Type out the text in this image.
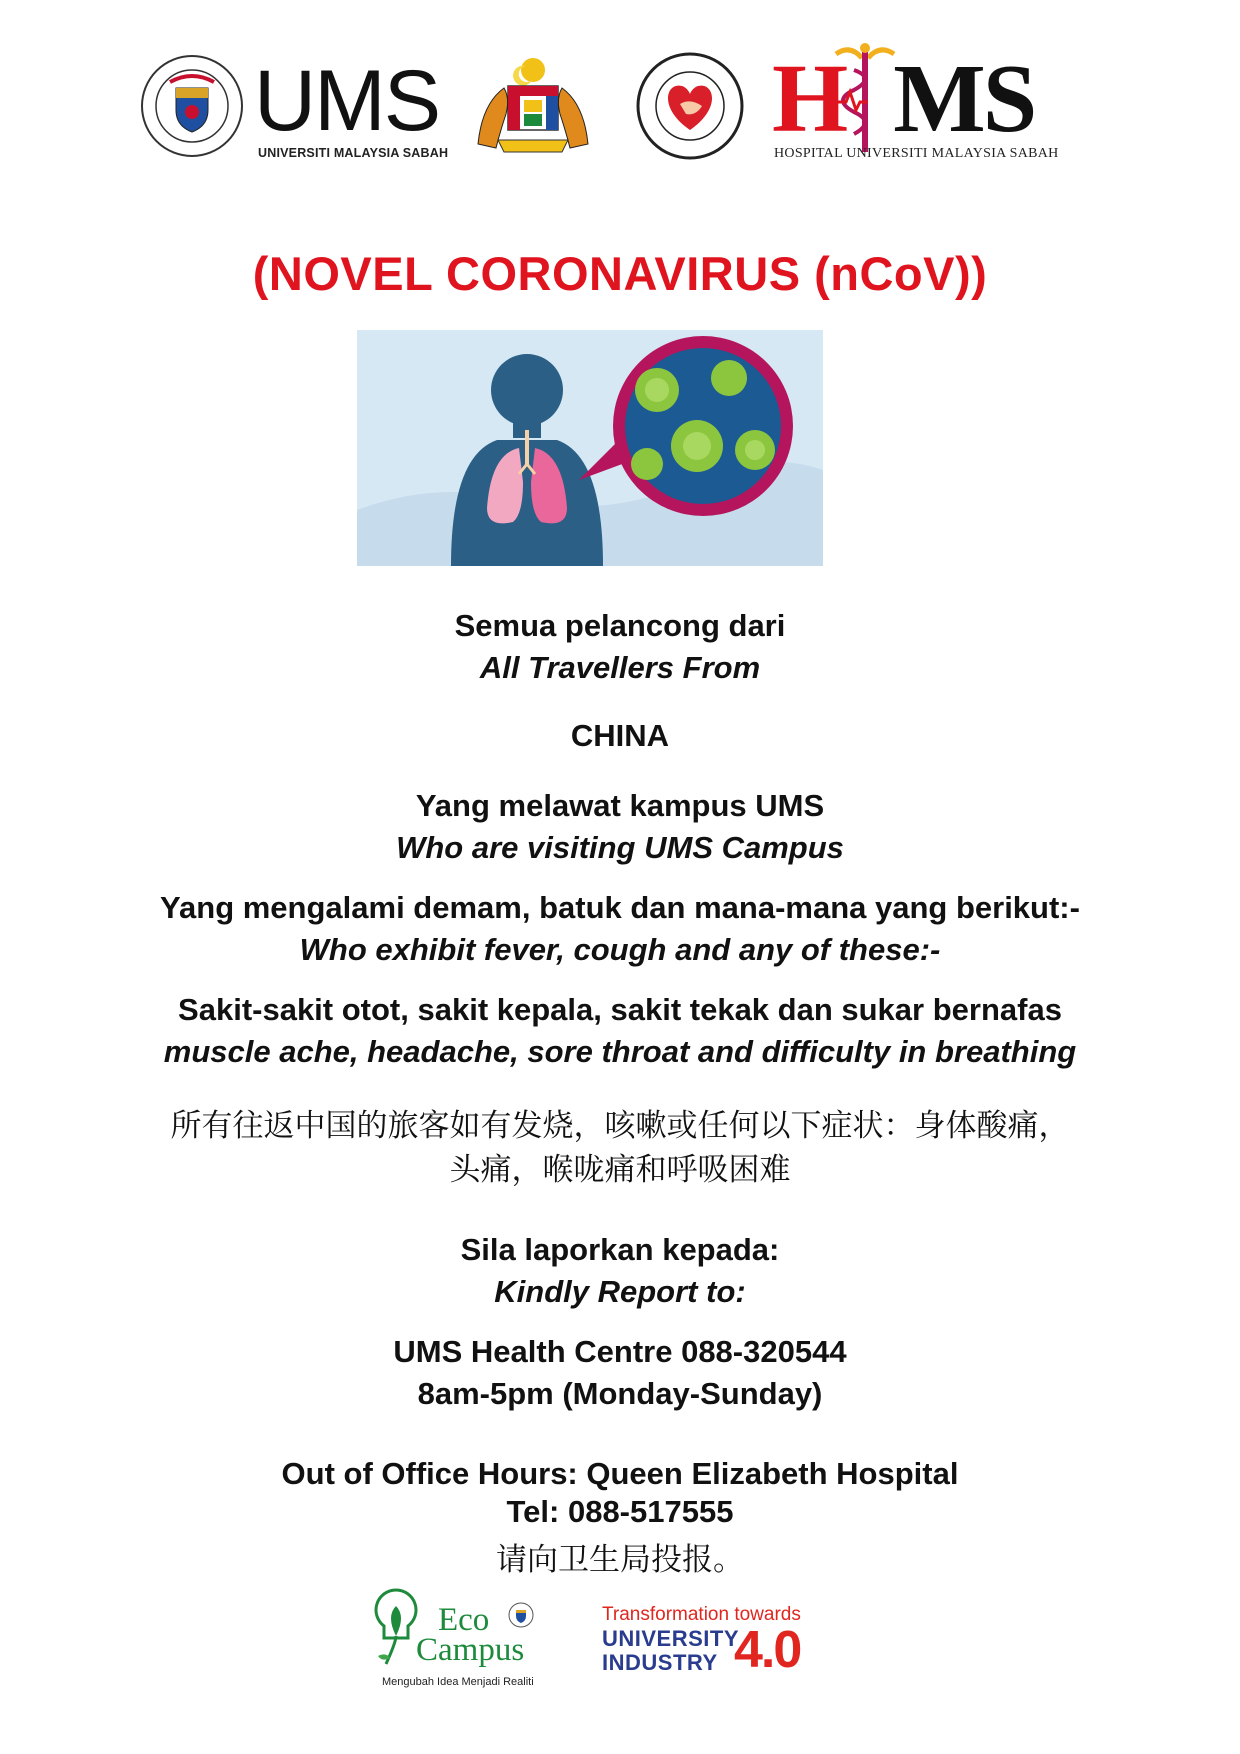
UMS
UNIVERSITI MALAYSIA SABAH	H MS
HOSPITAL UNIVERSITI MALAYSIA SABAH
(NOVEL CORONAVIRUS (nCoV))
Semua pelancong dari
All Travellers From
CHINA
Yang melawat kampus UMS
Who are visiting UMS Campus
Yang mengalami demam, batuk dan mana-mana yang berikut:-
Who exhibit fever, cough and any of these:-
Sakit-sakit otot, sakit kepala, sakit tekak dan sukar bernafas
muscle ache, headache, sore throat and difficulty in breathing
所有往返中国的旅客如有发烧，咳嗽或任何以下症状：身体酸痛，
头痛，喉咙痛和呼吸困难
Sila laporkan kepada:
Kindly Report to:
UMS Health Centre 088-320544
8am-5pm (Monday-Sunday)
Out of Office Hours: Queen Elizabeth Hospital
Tel: 088-517555
请向卫生局投报。
Eco
Campus
Mengubah Idea Menjadi Realiti
Transformation towards
UNIVERSITY
INDUSTRY 4.0
